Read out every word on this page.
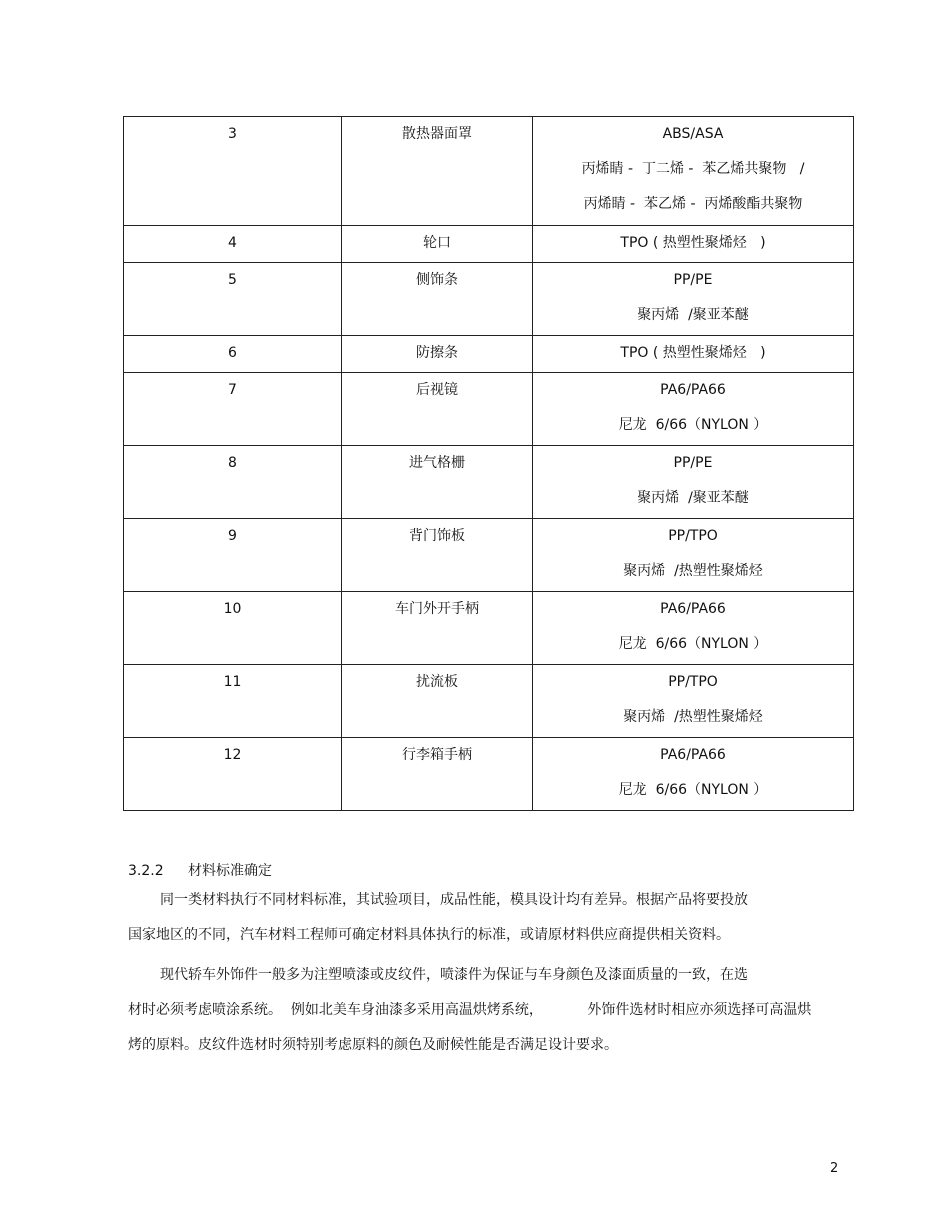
3	散热器面罩	ABS/ASA
丙烯睛 -  丁二烯 -  苯乙烯共聚物   /
丙烯睛 -  苯乙烯 -  丙烯酸酯共聚物

4	轮口	TPO ( 热塑性聚烯烃   )

5	侧饰条	PP/PE
聚丙烯  /聚亚苯醚

6	防擦条	TPO ( 热塑性聚烯烃   )

7	后视镜	PA6/PA66
尼龙  6/66（NYLON ）

8	进气格栅	PP/PE
聚丙烯  /聚亚苯醚

9	背门饰板	PP/TPO
聚丙烯  /热塑性聚烯烃

10	车门外开手柄	PA6/PA66
尼龙  6/66（NYLON ）

11	扰流板	PP/TPO
聚丙烯  /热塑性聚烯烃

12	行李箱手柄	PA6/PA66
尼龙  6/66（NYLON ）
3.2.2 材料标准确定

同一类材料执行不同材料标准，其试验项目，成品性能，模具设计均有差异。根据产品将要投放
国家地区的不同，汽车材料工程师可确定材料具体执行的标准，或请原材料供应商提供相关资料。

现代轿车外饰件一般多为注塑喷漆或皮纹件，喷漆件为保证与车身颜色及漆面质量的一致，在选
材时必须考虑喷涂系统。  例如北美车身油漆多采用高温烘烤系统，          外饰件选材时相应亦须选择可高温烘
烤的原料。皮纹件选材时须特别考虑原料的颜色及耐候性能是否满足设计要求。

2
